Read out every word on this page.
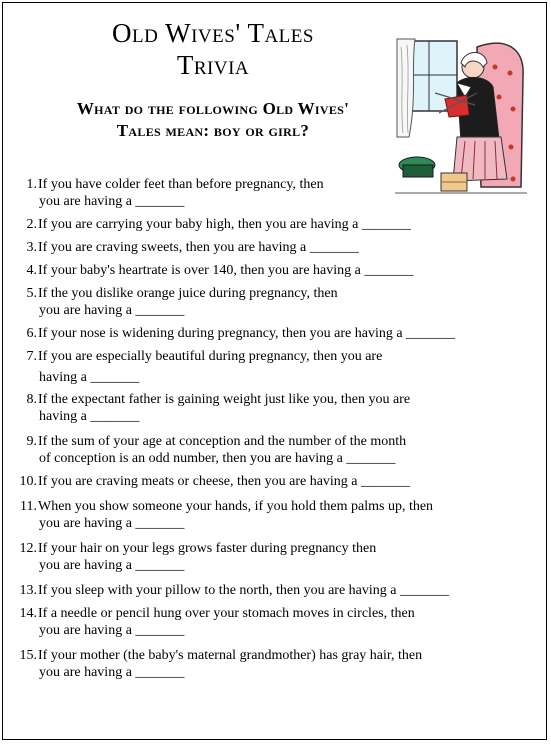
Old Wives' Tales
Trivia
What do the following Old Wives'
Tales mean: boy or girl?
1. If you have colder feet than before pregnancy, then
you are having a _______
2. If you are carrying your baby high, then you are having a _______
3. If you are craving sweets, then you are having a _______
4. If your baby's heartrate is over 140, then you are having a _______
5. If the you dislike orange juice during pregnancy, then
you are having a _______
6. If your nose is widening during pregnancy, then you are having a _______
7. If you are especially beautiful during pregnancy, then you are
having a _______
8. If the expectant father is gaining weight just like you, then you are
having a _______
9. If the sum of your age at conception and the number of the month
of conception is an odd number, then you are having a _______
10. If you are craving meats or cheese, then you are having a _______
11. When you show someone your hands, if you hold them palms up, then
you are having a _______
12. If your hair on your legs grows faster during pregnancy then
you are having a _______
13. If you sleep with your pillow to the north, then you are having a _______
14. If a needle or pencil hung over your stomach moves in circles, then
you are having a _______
15. If your mother (the baby's maternal grandmother) has gray hair, then
you are having a _______
